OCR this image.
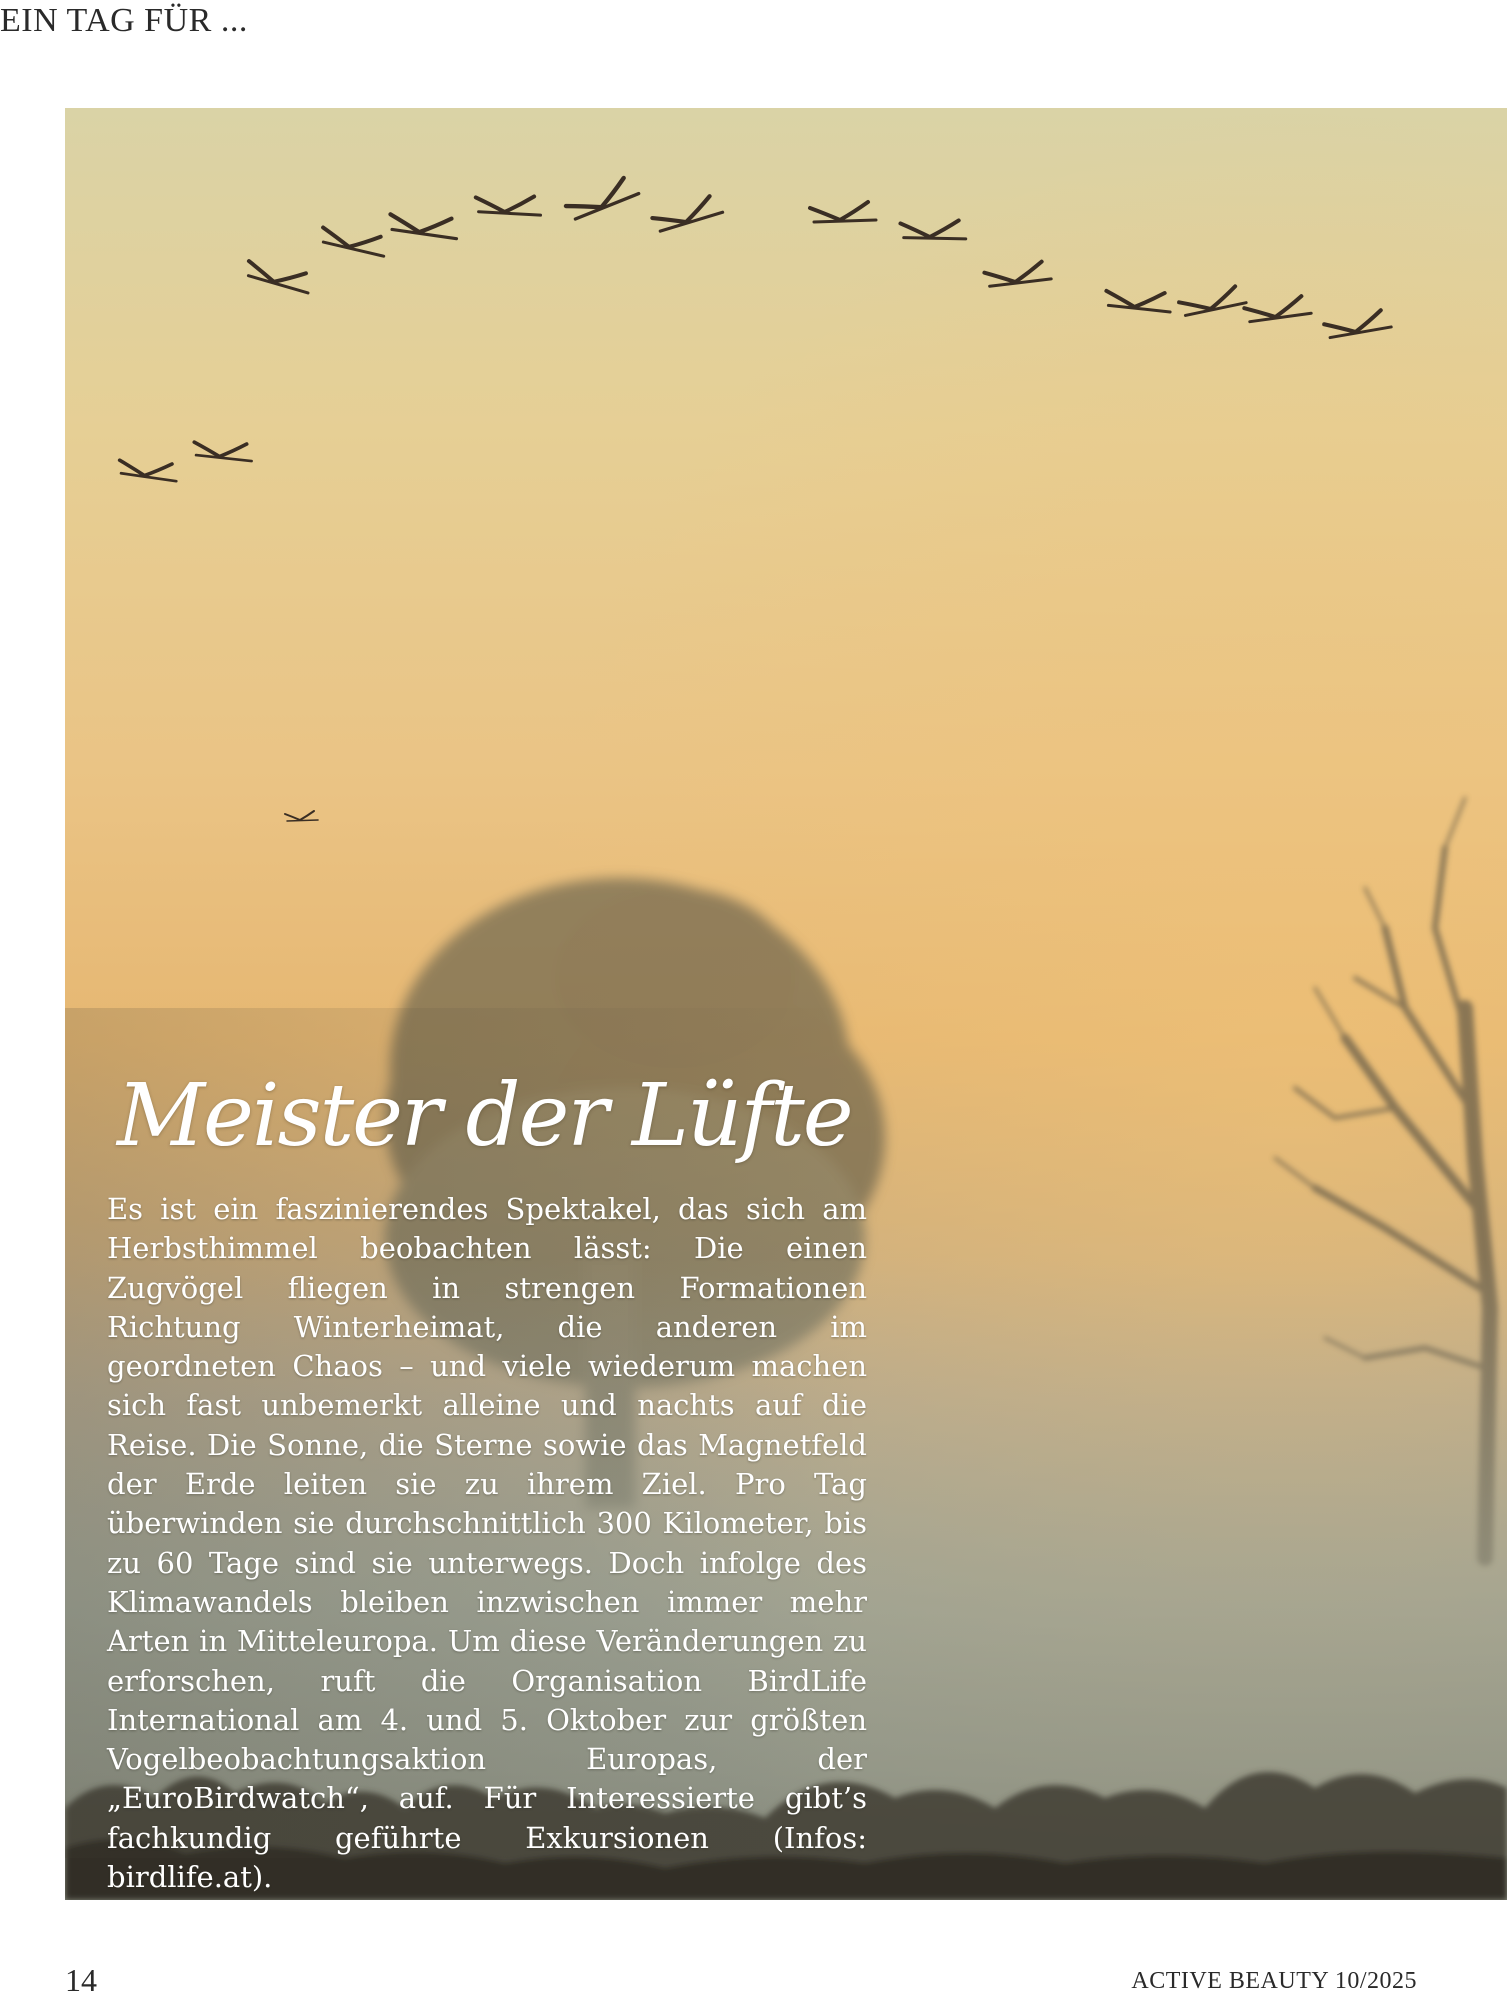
EIN TAG FÜR ...
Meister der Lüfte

Es ist ein faszinierendes Spektakel, das sich am Herbsthimmel beobachten lässt: Die einen Zugvögel fliegen in strengen Formationen Richtung Winterheimat, die anderen im geordneten Chaos – und viele wiederum machen sich fast unbemerkt alleine und nachts auf die Reise. Die Sonne, die Sterne sowie das Magnetfeld der Erde leiten sie zu ihrem Ziel. Pro Tag überwinden sie durchschnittlich 300 Kilometer, bis zu 60 Tage sind sie unterwegs. Doch infolge des Klimawandels bleiben inzwischen immer mehr Arten in Mitteleuropa. Um diese Veränderungen zu erforschen, ruft die Organisation BirdLife International am 4. und 5. Oktober zur größten Vogelbeobachtungsaktion Europas, der „EuroBirdwatch“, auf. Für Interessierte gibt’s fachkundig geführte Exkursionen (Infos: birdlife.at).

14	ACTIVE BEAUTY 10/2025
